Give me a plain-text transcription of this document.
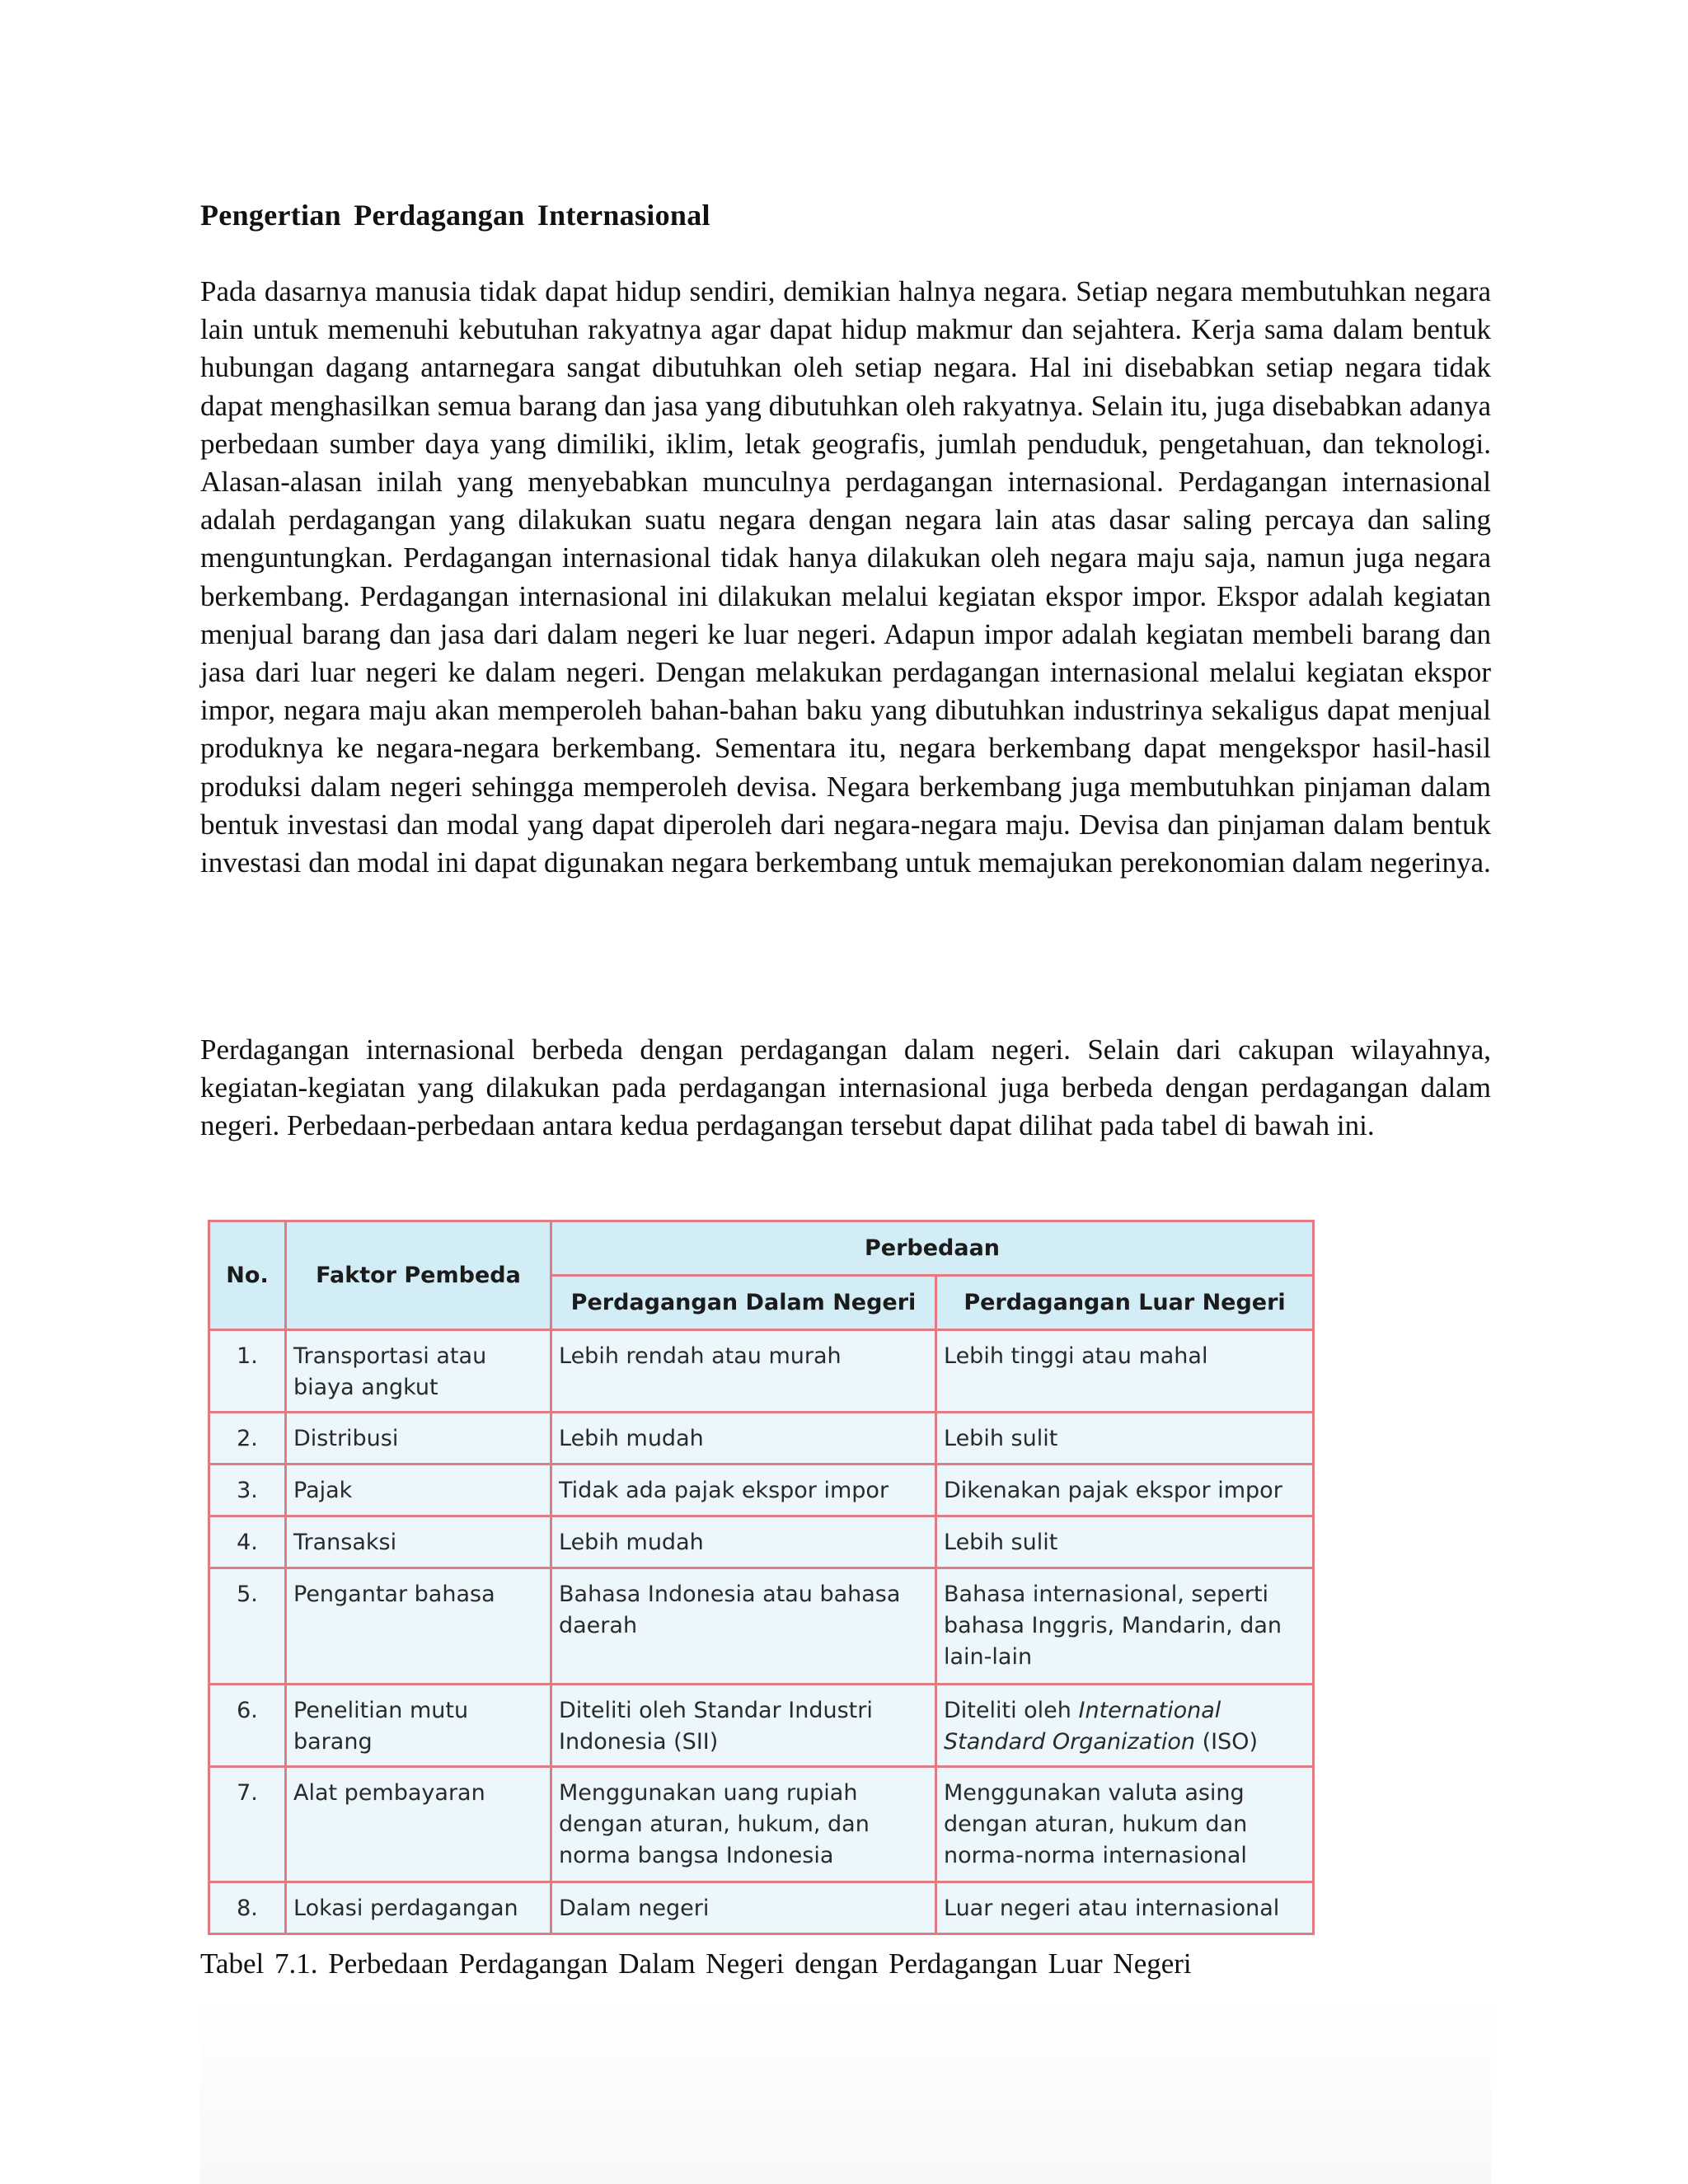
Pengertian Perdagangan Internasional

Pada dasarnya manusia tidak dapat hidup sendiri, demikian halnya negara. Setiap negara membutuhkan negara lain untuk memenuhi kebutuhan rakyatnya agar dapat hidup makmur dan sejahtera. Kerja sama dalam bentuk hubungan dagang antarnegara sangat dibutuhkan oleh setiap negara. Hal ini disebabkan setiap negara tidak dapat menghasilkan semua barang dan jasa yang dibutuhkan oleh rakyatnya. Selain itu, juga disebabkan adanya perbedaan sumber daya yang dimiliki, iklim, letak geografis, jumlah penduduk, pengetahuan, dan teknologi. Alasan-alasan inilah yang menyebabkan munculnya perdagangan internasional. Perdagangan internasional adalah perdagangan yang dilakukan suatu negara dengan negara lain atas dasar saling percaya dan saling menguntungkan. Perdagangan internasional tidak hanya dilakukan oleh negara maju saja, namun juga negara berkembang. Perdagangan internasional ini dilakukan melalui kegiatan ekspor impor. Ekspor adalah kegiatan menjual barang dan jasa dari dalam negeri ke luar negeri. Adapun impor adalah kegiatan membeli barang dan jasa dari luar negeri ke dalam negeri. Dengan melakukan perdagangan internasional melalui kegiatan ekspor impor, negara maju akan memperoleh bahan-bahan baku yang dibutuhkan industrinya sekaligus dapat menjual produknya ke negara-negara berkembang. Sementara itu, negara berkembang dapat mengekspor hasil-hasil produksi dalam negeri sehingga memperoleh devisa. Negara berkembang juga membutuhkan pinjaman dalam bentuk investasi dan modal yang dapat diperoleh dari negara-negara maju. Devisa dan pinjaman dalam bentuk investasi dan modal ini dapat digunakan negara berkembang untuk memajukan perekonomian dalam negerinya.

Perdagangan internasional berbeda dengan perdagangan dalam negeri. Selain dari cakupan wilayahnya, kegiatan-kegiatan yang dilakukan pada perdagangan internasional juga berbeda dengan perdagangan dalam negeri. Perbedaan-perbedaan antara kedua perdagangan tersebut dapat dilihat pada tabel di bawah ini.

No.	Faktor Pembeda	Perbedaan	
		Perdagangan Dalam Negeri	Perdagangan Luar Negeri
1.	Transportasi atau biaya angkut	Lebih rendah atau murah	Lebih tinggi atau mahal
2.	Distribusi	Lebih mudah	Lebih sulit
3.	Pajak	Tidak ada pajak ekspor impor	Dikenakan pajak ekspor impor
4.	Transaksi	Lebih mudah	Lebih sulit
5.	Pengantar bahasa	Bahasa Indonesia atau bahasa daerah	Bahasa internasional, seperti bahasa Inggris, Mandarin, dan lain-lain
6.	Penelitian mutu barang	Diteliti oleh Standar Industri Indonesia (SII)	Diteliti oleh International Standard Organization (ISO)
7.	Alat pembayaran	Menggunakan uang rupiah dengan aturan, hukum, dan norma bangsa Indonesia	Menggunakan valuta asing dengan aturan, hukum dan norma-norma internasional
8.	Lokasi perdagangan	Dalam negeri	Luar negeri atau internasional
Tabel 7.1. Perbedaan Perdagangan Dalam Negeri dengan Perdagangan Luar Negeri
